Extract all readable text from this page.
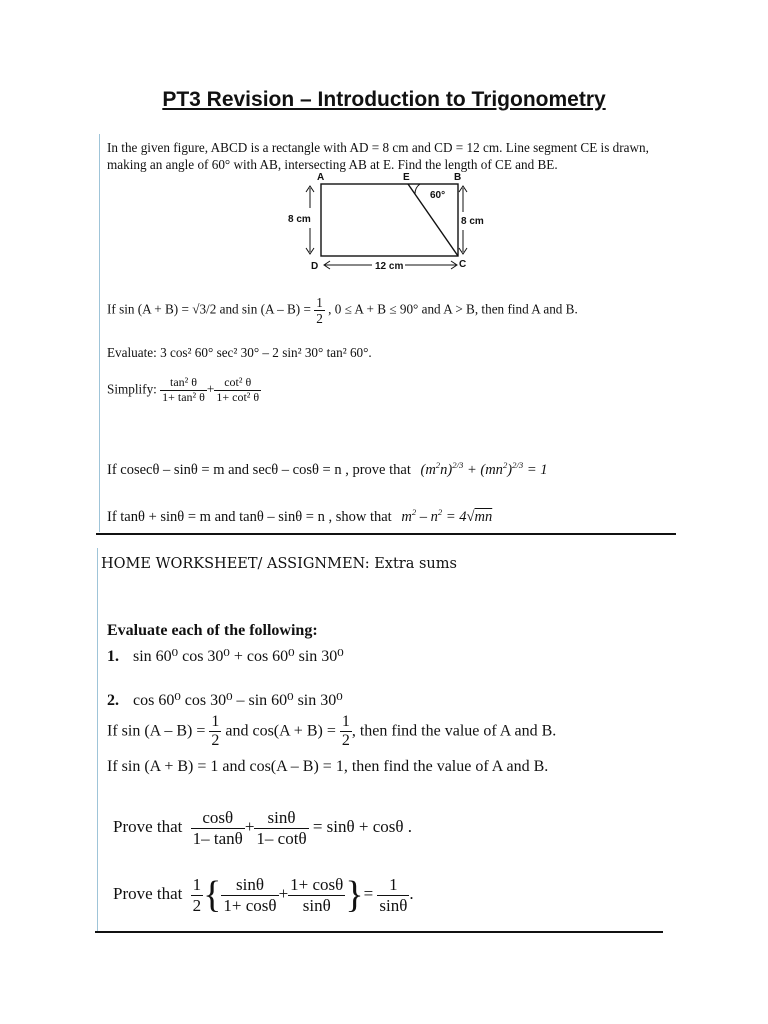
PT3 Revision – Introduction to Trigonometry
In the given figure, ABCD is a rectangle with AD = 8 cm and CD = 12 cm. Line segment CE is drawn, making an angle of 60° with AB, intersecting AB at E. Find the length of CE and BE.
A	E	B
D	C
60°
8 cm	8 cm
12 cm
If sin (A + B) = √3/2 and $\sin (A - B) = \frac{1}{2}$ , 0 ≤ A + B ≤ 90° and A > B, then find A and B.
Evaluate: 3 cos² 60° sec² 30° – 2 sin² 30° tan² 60°.
Simplify: $\frac{\text{tan² θ}}{\text{1+ tan² θ}} + \frac{\text{cot² θ}}{\text{1+ cot² θ}}$
If cosecθ – sinθ = m and secθ – cosθ = n , prove that $(m^2n)^{2/3} + (mn^2)^{2/3} = 1$
If tanθ + sinθ = m and tanθ – sinθ = n , show that $m^2 - n^2 = 4√mn$
HOME WORKSHEET/ ASSIGNMEN: Extra sums
Evaluate each of the following:
1. sin 60⁰ cos 30⁰ + cos 60⁰ sin 30⁰
2. cos 60⁰ cos 30⁰ – sin 60⁰ sin 30⁰
If $\sin (A - B) = \frac{1}{2}$ and $\cos(A + B) = \frac{1}{2}$ , then find the value of A and B.
If sin (A + B) = 1 and cos(A – B) = 1, then find the value of A and B.
Prove that $\frac{\cos\theta}{1- \tan\theta} + \frac{\sin\theta}{1- \cot\theta} = \sin\theta + \cos\theta$ .
Prove that $\frac{1}{2}$ { $\frac{\sin\theta}{1+ \cos\theta} + \frac{1+ \cos\theta}{\sin\theta}$ }= $\frac{1}{\sin\theta}$ .
